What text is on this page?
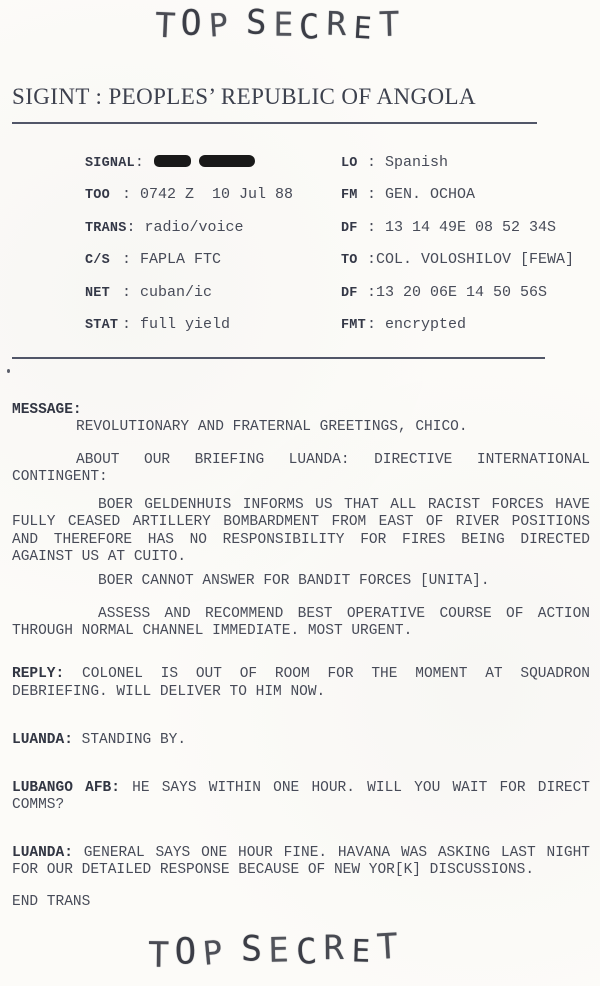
TOP SECRET
SIGINT : PEOPLES’ REPUBLIC OF ANGOLA
SIGNAL:
TOO : 0742 Z  10 Jul 88
TRANS: radio/voice
C/S : FAPLA FTC
NET : cuban/ic
STAT : full yield
LO : Spanish
FM : GEN. OCHOA
DF : 13 14 49E 08 52 34S
TO :COL. VOLOSHILOV [FEWA]
DF :13 20 06E 14 50 56S
FMT: encrypted
MESSAGE:
REVOLUTIONARY AND FRATERNAL GREETINGS, CHICO.
ABOUT OUR BRIEFING LUANDA: DIRECTIVE INTERNATIONAL
CONTINGENT:
BOER GELDENHUIS INFORMS US THAT ALL RACIST FORCES HAVE
FULLY CEASED ARTILLERY BOMBARDMENT FROM EAST OF RIVER POSITIONS
AND THEREFORE HAS NO RESPONSIBILITY FOR FIRES BEING DIRECTED
AGAINST US AT CUITO.
BOER CANNOT ANSWER FOR BANDIT FORCES [UNITA].
ASSESS AND RECOMMEND BEST OPERATIVE COURSE OF ACTION
THROUGH NORMAL CHANNEL IMMEDIATE. MOST URGENT.
REPLY: COLONEL IS OUT OF ROOM FOR THE MOMENT AT SQUADRON
DEBRIEFING. WILL DELIVER TO HIM NOW.
LUANDA: STANDING BY.
LUBANGO AFB: HE SAYS WITHIN ONE HOUR. WILL YOU WAIT FOR DIRECT
COMMS?
LUANDA: GENERAL SAYS ONE HOUR FINE. HAVANA WAS ASKING LAST NIGHT
FOR OUR DETAILED RESPONSE BECAUSE OF NEW YOR[K] DISCUSSIONS.
END TRANS
TOP SECRET
